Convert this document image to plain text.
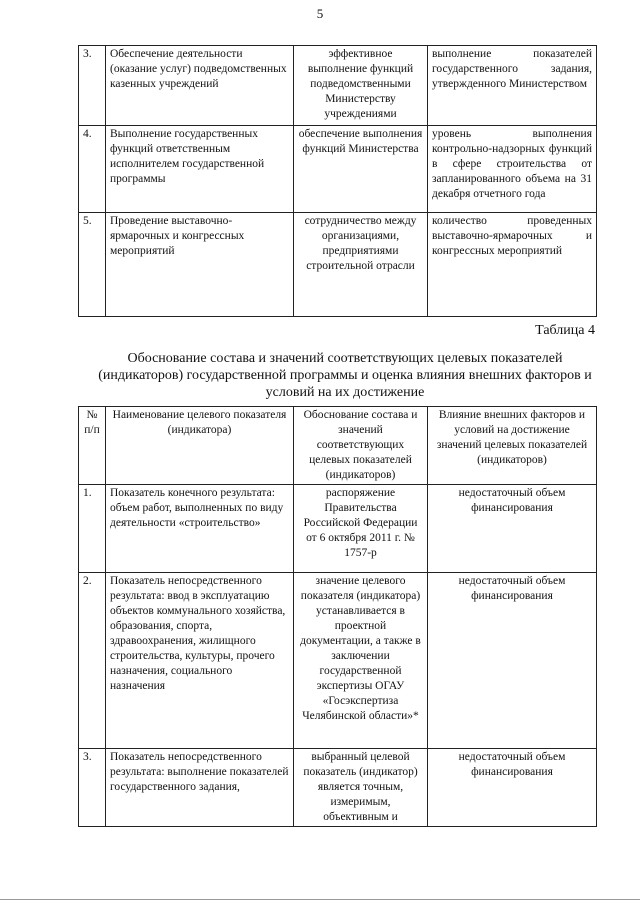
5
3.	Обеспечение деятельности (оказание услуг) подведомственных казенных учреждений	эффективное выполнение функций подведомственными Министерству учреждениями	выполнение показателей государственного задания, утвержденного Министерством
4.	Выполнение государственных функций ответственным исполнителем государственной программы	обеспечение выполнения функций Министерства	уровень выполнения контрольно-надзорных функций в сфере строительства от запланированного объема на 31 декабря отчетного года
5.	Проведение выставочно-ярмарочных и конгрессных мероприятий	сотрудничество между организациями, предприятиями строительной отрасли	количество проведенных выставочно-ярмарочных и конгрессных мероприятий
Таблица 4
Обоснование состава и значений соответствующих целевых показателей (индикаторов) государственной программы и оценка влияния внешних факторов и условий на их достижение
№ п/п	Наименование целевого показателя (индикатора)	Обоснование состава и значений соответствующих целевых показателей (индикаторов)	Влияние внешних факторов и условий на достижение значений целевых показателей (индикаторов)
1.	Показатель конечного результата: объем работ, выполненных по виду деятельности «строительство»	распоряжение Правительства Российской Федерации от 6 октября 2011 г. № 1757-р	недостаточный объем финансирования
2.	Показатель непосредственного результата: ввод в эксплуатацию объектов коммунального хозяйства, образования, спорта, здравоохранения, жилищного строительства, культуры, прочего назначения, социального назначения	значение целевого показателя (индикатора) устанавливается в проектной документации, а также в заключении государственной экспертизы ОГАУ «Госэкспертиза Челябинской области»*	недостаточный объем финансирования
3.	Показатель непосредственного результата: выполнение показателей государственного задания,	выбранный целевой показатель (индикатор) является точным, измеримым, объективным и	недостаточный объем финансирования
